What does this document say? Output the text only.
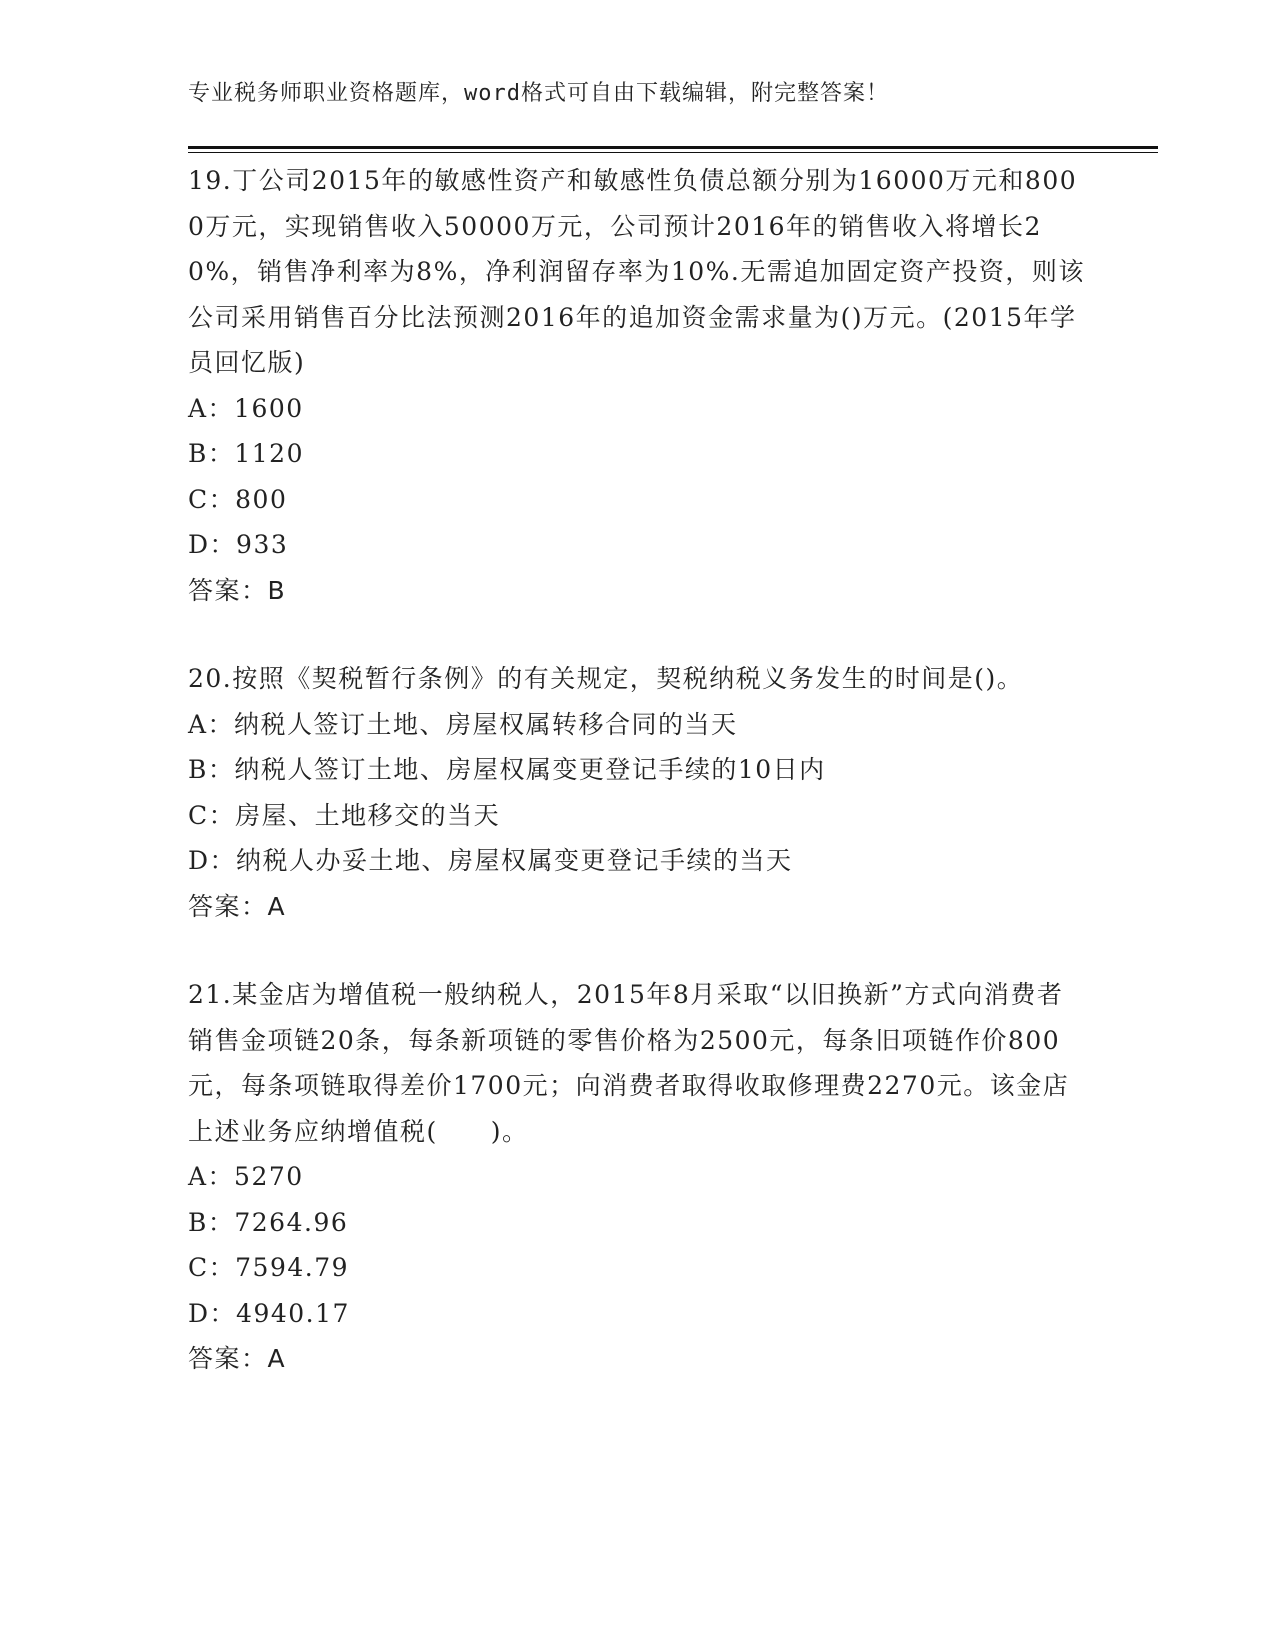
专业税务师职业资格题库，word格式可自由下载编辑，附完整答案！

19.丁公司2015年的敏感性资产和敏感性负债总额分别为16000万元和8000万元，实现销售收入50000万元，公司预计2016年的销售收入将增长20%，销售净利率为8%，净利润留存率为10%.无需追加固定资产投资，则该公司采用销售百分比法预测2016年的追加资金需求量为()万元。(2015年学员回忆版)

A：1600

B：1120

C：800

D：933

答案：B

20.按照《契税暂行条例》的有关规定，契税纳税义务发生的时间是()。

A：纳税人签订土地、房屋权属转移合同的当天

B：纳税人签订土地、房屋权属变更登记手续的10日内

C：房屋、土地移交的当天

D：纳税人办妥土地、房屋权属变更登记手续的当天

答案：A

21.某金店为增值税一般纳税人，2015年8月采取“以旧换新”方式向消费者销售金项链20条，每条新项链的零售价格为2500元，每条旧项链作价800元，每条项链取得差价1700元；向消费者取得收取修理费2270元。该金店上述业务应纳增值税(　　)。

A：5270

B：7264.96

C：7594.79

D：4940.17

答案：A
